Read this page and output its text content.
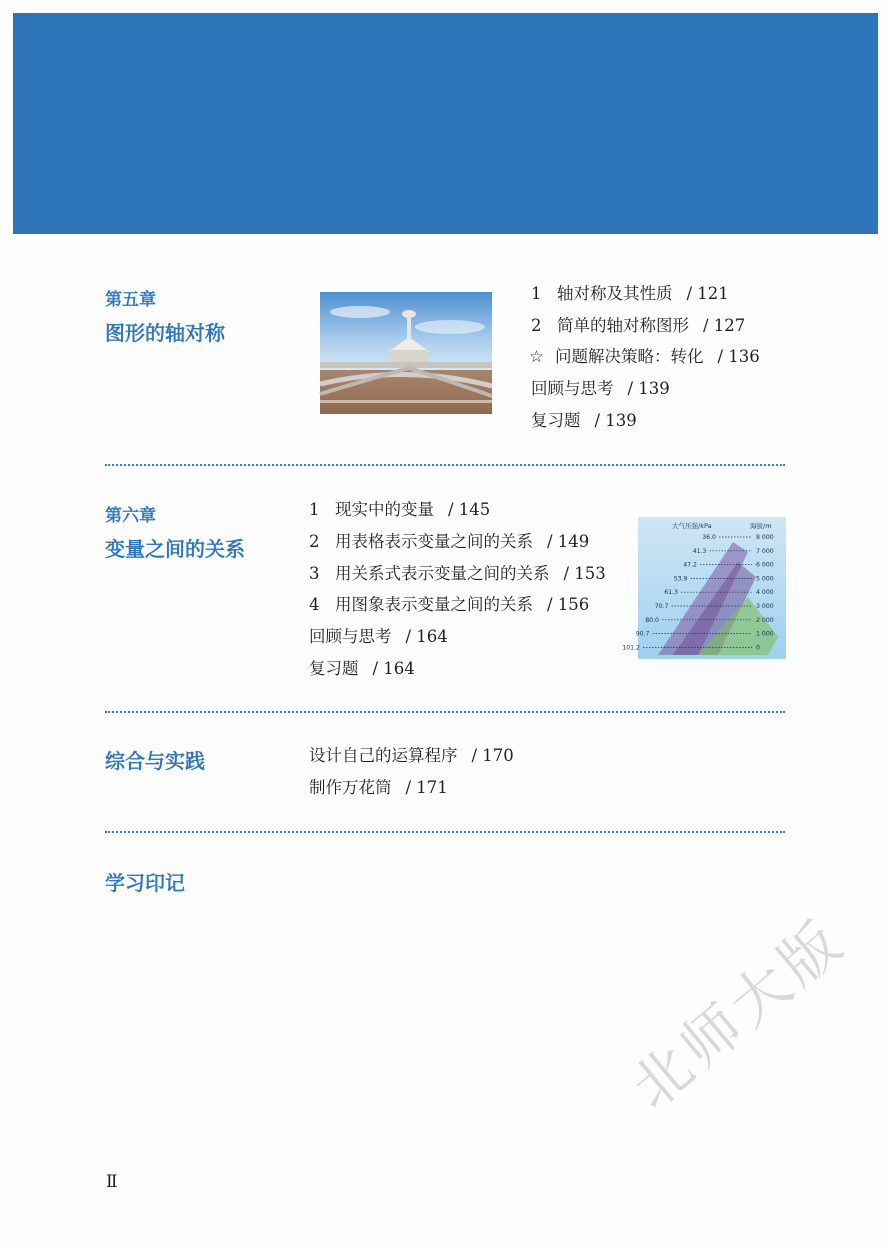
第五章
图形的轴对称
1 轴对称及其性质 / 121
2 简单的轴对称图形 / 127
☆ 问题解决策略：转化 / 136
回顾与思考 / 139
复习题 / 139
第六章
变量之间的关系
1 现实中的变量 / 145
2 用表格表示变量之间的关系 / 149
3 用关系式表示变量之间的关系 / 153
4 用图象表示变量之间的关系 / 156
回顾与思考 / 164
复习题 / 164
大气压强/kPa	海拔/m
36.0	8 000
41.3	7 000
47.2	6 000
53.9	5 000
61.3	4 000
70.7	3 000
80.0	2 000
90.7	1 000
101.2	0
综合与实践	设计自己的运算程序 / 170
制作万花筒 / 171
学习印记
Ⅱ
北师大版
